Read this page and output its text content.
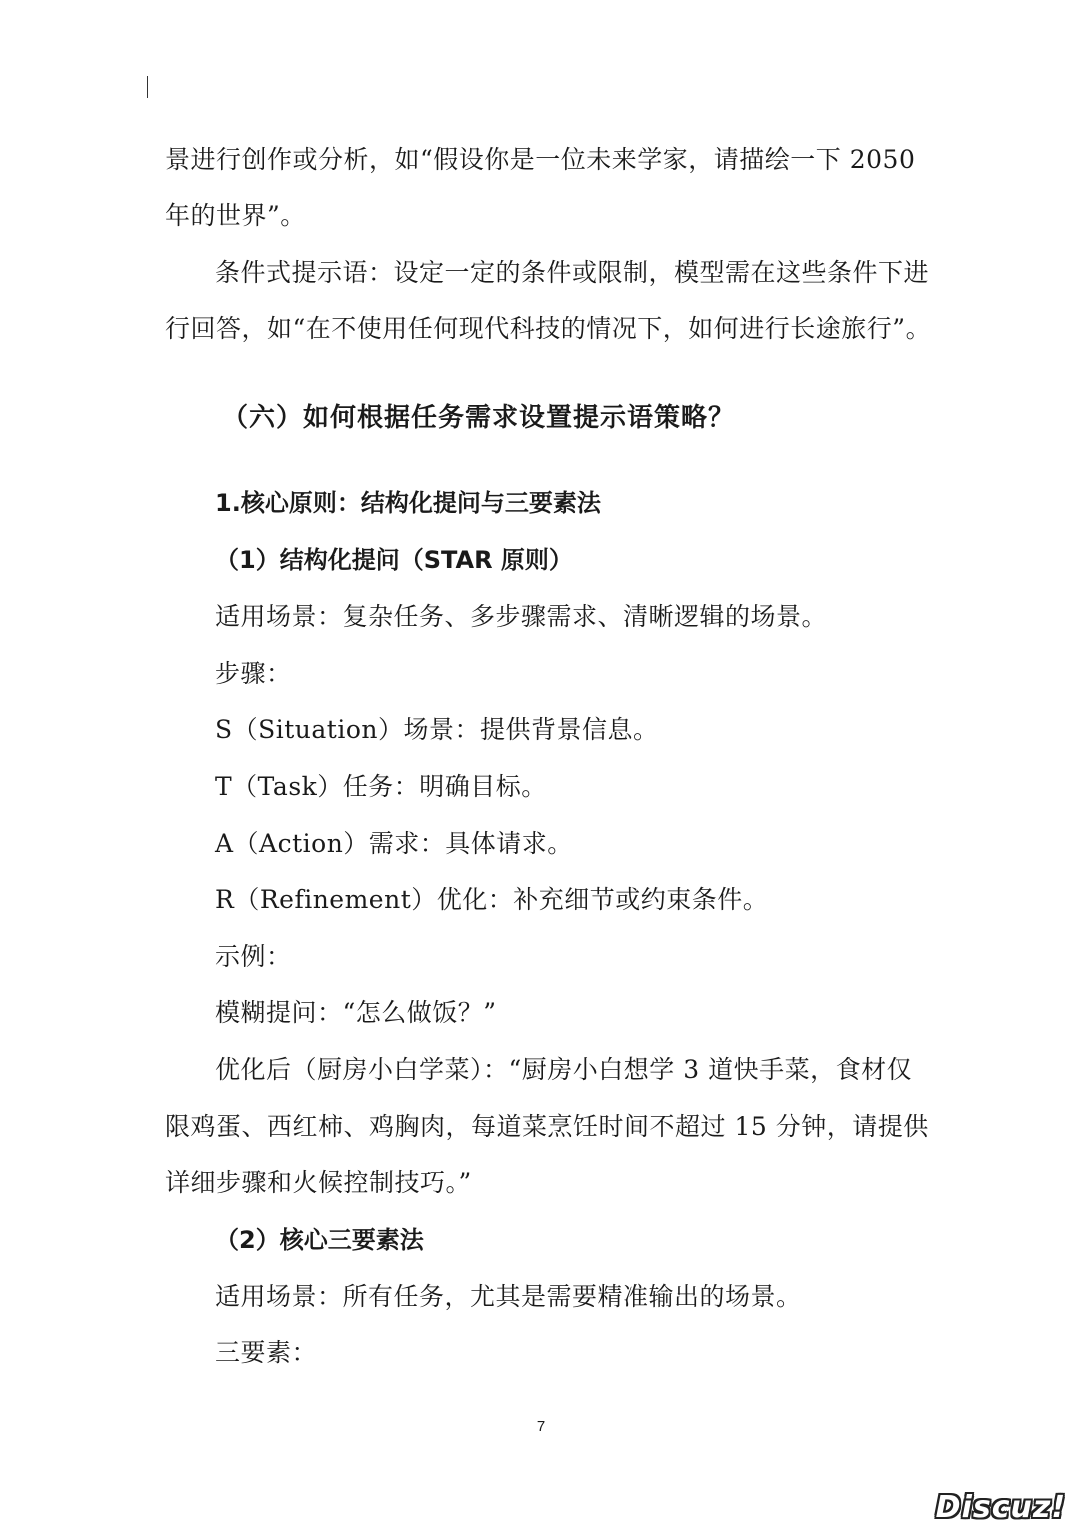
景进行创作或分析，如“假设你是一位未来学家，请描绘一下 2050
年的世界”。
条件式提示语：设定一定的条件或限制，模型需在这些条件下进
行回答，如“在不使用任何现代科技的情况下，如何进行长途旅行”。
（六）如何根据任务需求设置提示语策略？
1.核心原则：结构化提问与三要素法
（1）结构化提问（STAR 原则）
适用场景：复杂任务、多步骤需求、清晰逻辑的场景。
步骤：
S（Situation）场景：提供背景信息。
T（Task）任务：明确目标。
A（Action）需求：具体请求。
R（Refinement）优化：补充细节或约束条件。
示例：
模糊提问：“怎么做饭？”
优化后（厨房小白学菜）：“厨房小白想学 3 道快手菜，食材仅
限鸡蛋、西红柿、鸡胸肉，每道菜烹饪时间不超过 15 分钟，请提供
详细步骤和火候控制技巧。”
（2）核心三要素法
适用场景：所有任务，尤其是需要精准输出的场景。
三要素：
7
Discuz!
